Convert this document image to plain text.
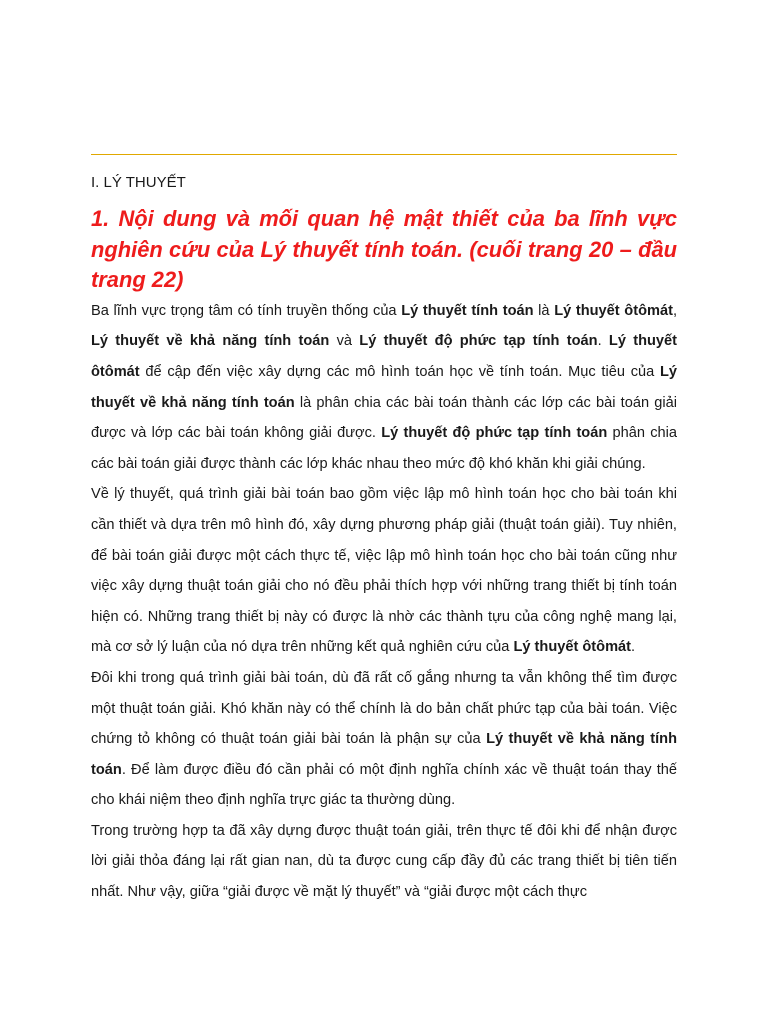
I. LÝ THUYẾT
1. Nội dung và mối quan hệ mật thiết của ba lĩnh vực nghiên cứu của Lý thuyết tính toán. (cuối trang 20 – đầu trang 22)

Ba lĩnh vực trọng tâm có tính truyền thống của Lý thuyết tính toán là Lý thuyết ôtômát, Lý thuyết về khả năng tính toán và Lý thuyết độ phức tạp tính toán. Lý thuyết ôtômát để cập đến việc xây dựng các mô hình toán học về tính toán. Mục tiêu của Lý thuyết về khả năng tính toán là phân chia các bài toán thành các lớp các bài toán giải được và lớp các bài toán không giải được. Lý thuyết độ phức tạp tính toán phân chia các bài toán giải được thành các lớp khác nhau theo mức độ khó khăn khi giải chúng.

Về lý thuyết, quá trình giải bài toán bao gồm việc lập mô hình toán học cho bài toán khi cần thiết và dựa trên mô hình đó, xây dựng phương pháp giải (thuật toán giải). Tuy nhiên, để bài toán giải được một cách thực tế, việc lập mô hình toán học cho bài toán cũng như việc xây dựng thuật toán giải cho nó đều phải thích hợp với những trang thiết bị tính toán hiện có. Những trang thiết bị này có được là nhờ các thành tựu của công nghệ mang lại, mà cơ sở lý luận của nó dựa trên những kết quả nghiên cứu của Lý thuyết ôtômát.

Đôi khi trong quá trình giải bài toán, dù đã rất cố gắng nhưng ta vẫn không thể tìm được một thuật toán giải. Khó khăn này có thể chính là do bản chất phức tạp của bài toán. Việc chứng tỏ không có thuật toán giải bài toán là phận sự của Lý thuyết về khả năng tính toán. Để làm được điều đó cần phải có một định nghĩa chính xác về thuật toán thay thế cho khái niệm theo định nghĩa trực giác ta thường dùng.

Trong trường hợp ta đã xây dựng được thuật toán giải, trên thực tế đôi khi để nhận được lời giải thỏa đáng lại rất gian nan, dù ta được cung cấp đầy đủ các trang thiết bị tiên tiến nhất. Như vậy, giữa “giải được về mặt lý thuyết” và “giải được một cách thực
